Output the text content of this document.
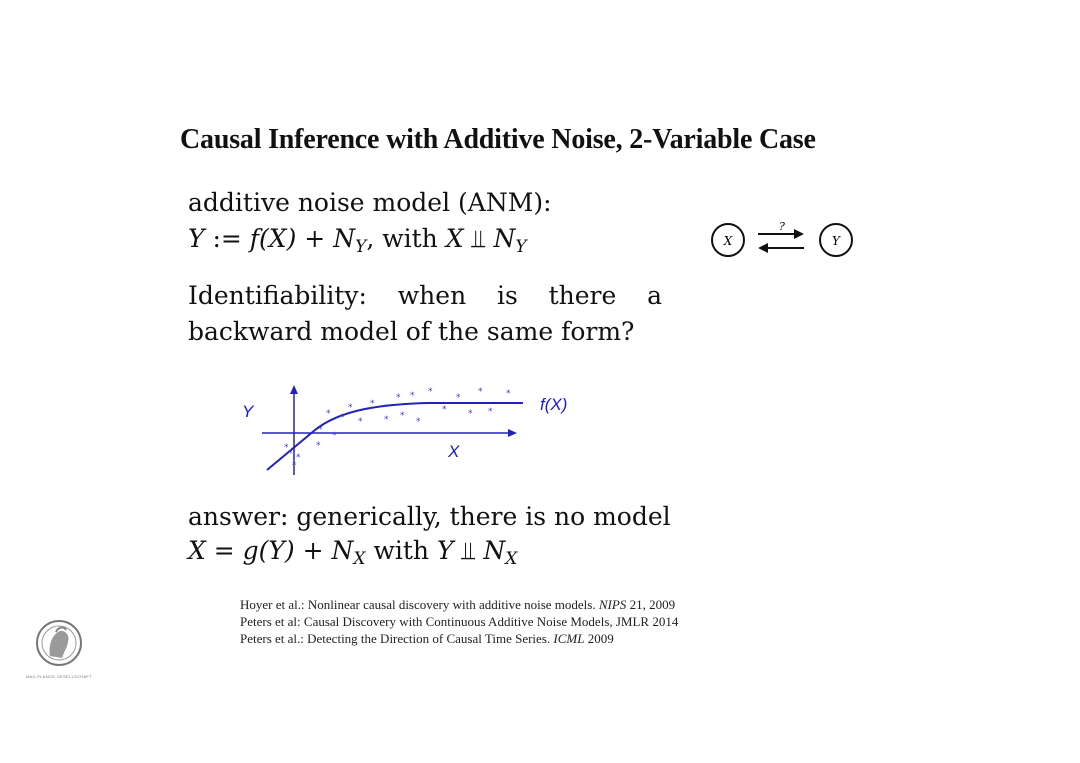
Causal Inference with Additive Noise, 2-Variable Case
additive noise model (ANM):
Y := $f(X) + N_Y$, with X ⫫ $N_Y$	X	Y
?
Identifiability: when is there a backward model of the same form?
Y
X
f(X)
*
*
*
*
*
*
*
*
*
*
*
*
*
*
*
*
*
*
*
*
*
*
*
*
answer: generically, there is no model
$X = g(Y) + N_X$ with Y ⫫ $N_X$
Hoyer et al.: Nonlinear causal discovery with additive noise models. NIPS 21, 2009
Peters et al: Causal Discovery with Continuous Additive Noise Models, JMLR 2014
Peters et al.: Detecting the Direction of Causal Time Series. ICML 2009
MAX-PLANCK-GESELLSCHAFT
